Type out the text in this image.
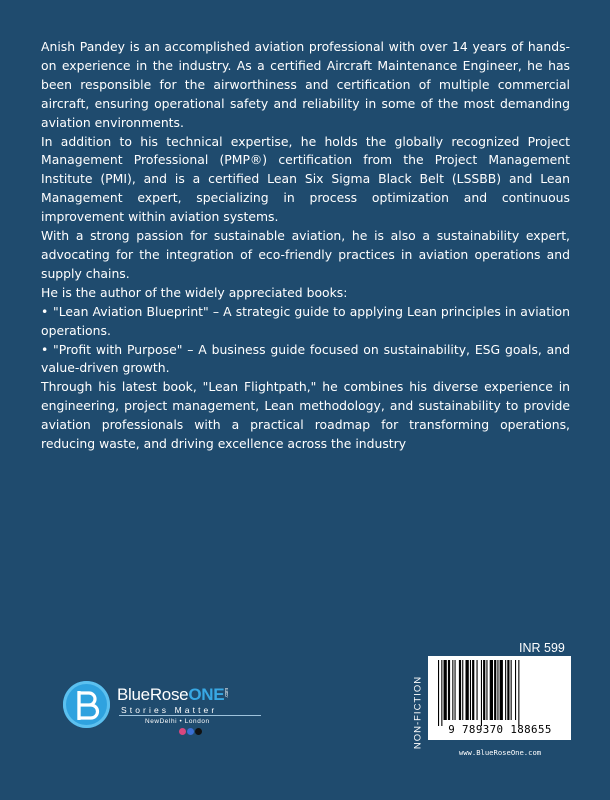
Anish Pandey is an accomplished aviation professional with over 14 years of hands-on experience in the industry. As a certified Aircraft Maintenance Engineer, he has been responsible for the airworthiness and certification of multiple commercial aircraft, ensuring operational safety and reliability in some of the most demanding aviation environments.

In addition to his technical expertise, he holds the globally recognized Project Management Professional (PMP®) certification from the Project Management Institute (PMI), and is a certified Lean Six Sigma Black Belt (LSSBB) and Lean Management expert, specializing in process optimization and continuous improvement within aviation systems.

With a strong passion for sustainable aviation, he is also a sustainability expert, advocating for the integration of eco-friendly practices in aviation operations and supply chains.

He is the author of the widely appreciated books:

• "Lean Aviation Blueprint" – A strategic guide to applying Lean principles in aviation operations.

• "Profit with Purpose" – A business guide focused on sustainability, ESG goals, and value-driven growth.

Through his latest book, "Lean Flightpath," he combines his diverse experience in engineering, project management, Lean methodology, and sustainability to provide aviation professionals with a practical roadmap for transforming operations, reducing waste, and driving excellence across the industry

BlueRoseONE.com
Stories Matter
NewDelhi • London
INR 599
NON-FICTION	9 789370 188655
www.BlueRoseOne.com
